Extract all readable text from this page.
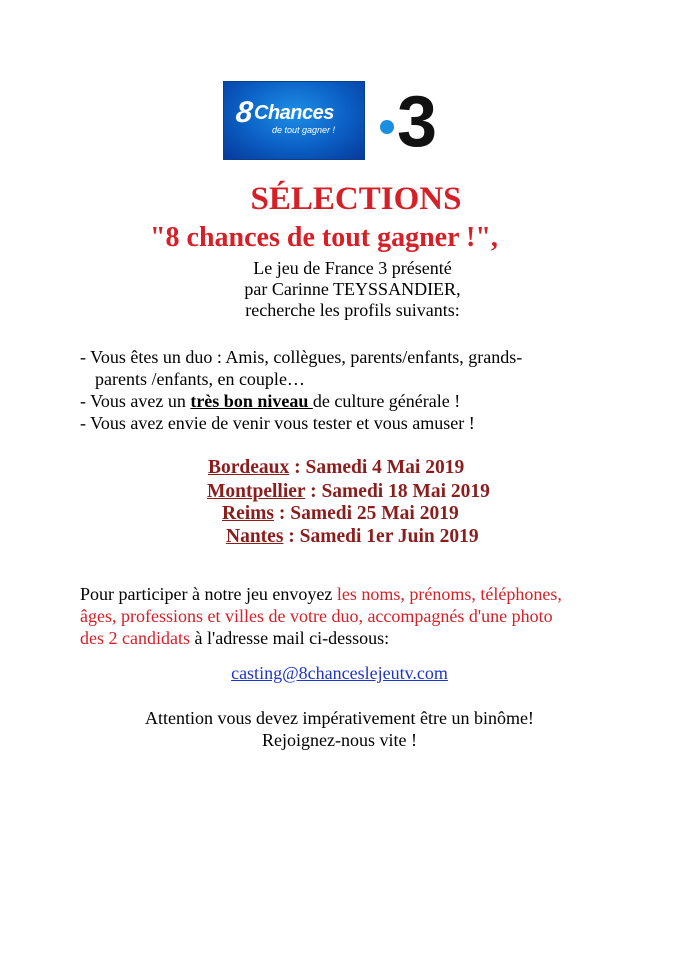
8 Chances
de tout gagner ! 3
SÉLECTIONS
"8 chances de tout gagner !",
Le jeu de France 3 présenté
par Carinne TEYSSANDIER,
recherche les profils suivants:

- Vous êtes un duo : Amis, collègues, parents/enfants, grands-

parents /enfants, en couple…

- Vous avez un très bon niveau de culture générale !

- Vous avez envie de venir vous tester et vous amuser !

Bordeaux : Samedi 4 Mai 2019
Montpellier : Samedi 18 Mai 2019
Reims : Samedi 25 Mai 2019
Nantes : Samedi 1er Juin 2019

Pour participer à notre jeu envoyez les noms, prénoms, téléphones,

âges, professions et villes de votre duo, accompagnés d'une photo

des 2 candidats à l'adresse mail ci-dessous:

casting@8chanceslejeutv.com

Attention vous devez impérativement être un binôme!

Rejoignez-nous vite !
